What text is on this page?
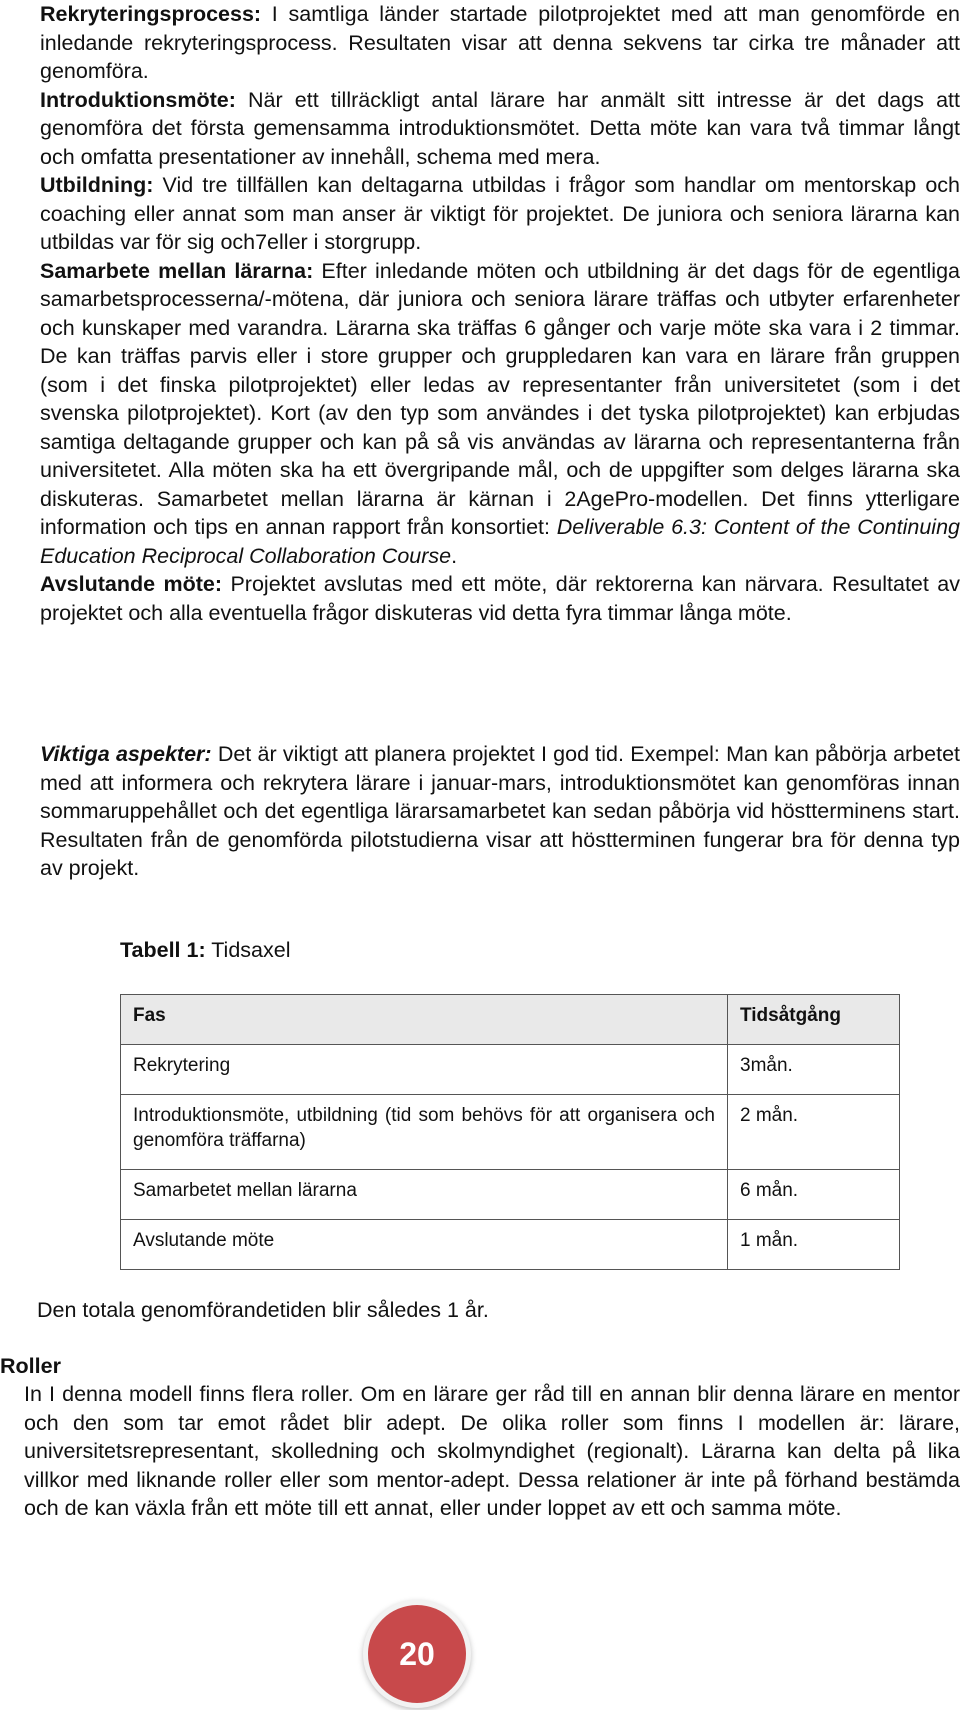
Rekryteringsprocess: I samtliga länder startade pilotprojektet med att man genomförde en inledande rekryteringsprocess. Resultaten visar att denna sekvens tar cirka tre månader att genomföra.
Introduktionsmöte: När ett tillräckligt antal lärare har anmält sitt intresse är det dags att genomföra det första gemensamma introduktionsmötet. Detta möte kan vara två timmar långt och omfatta presentationer av innehåll, schema med mera.
Utbildning: Vid tre tillfällen kan deltagarna utbildas i frågor som handlar om mentorskap och coaching eller annat som man anser är viktigt för projektet. De juniora och seniora lärarna kan utbildas var för sig och7eller i storgrupp.
Samarbete mellan lärarna: Efter inledande möten och utbildning är det dags för de egentliga samarbetsprocesserna/-mötena, där juniora och seniora lärare träffas och utbyter erfarenheter och kunskaper med varandra. Lärarna ska träffas 6 gånger och varje möte ska vara i 2 timmar. De kan träffas parvis eller i store grupper och gruppledaren kan vara en lärare från gruppen (som i det finska pilotprojektet) eller ledas av representanter från universitetet (som i det svenska pilotprojektet). Kort (av den typ som användes i det tyska pilotprojektet) kan erbjudas samtiga deltagande grupper och kan på så vis användas av lärarna och representanterna från universitetet. Alla möten ska ha ett övergripande mål, och de uppgifter som delges lärarna ska diskuteras. Samarbetet mellan lärarna är kärnan i 2AgePro-modellen. Det finns ytterligare information och tips en annan rapport från konsortiet: Deliverable 6.3: Content of the Continuing Education Reciprocal Collaboration Course.
Avslutande möte: Projektet avslutas med ett möte, där rektorerna kan närvara. Resultatet av projektet och alla eventuella frågor diskuteras vid detta fyra timmar långa möte.
Viktiga aspekter: Det är viktigt att planera projektet I god tid. Exempel: Man kan påbörja arbetet med att informera och rekrytera lärare i januar-mars, introduktionsmötet kan genomföras innan sommaruppehållet och det egentliga lärarsamarbetet kan sedan påbörja vid höstterminens start. Resultaten från de genomförda pilotstudierna visar att höstterminen fungerar bra för denna typ av projekt.
Tabell 1: Tidsaxel
Fas	Tidsåtgång
Rekrytering	3mån.
Introduktionsmöte, utbildning (tid som behövs för att organisera och genomföra träffarna)	2 mån.
Samarbetet mellan lärarna	6 mån.
Avslutande möte	1 mån.
Den totala genomförandetiden blir således 1 år.
Roller
In I denna modell finns flera roller. Om en lärare ger råd till en annan blir denna lärare en mentor och den som tar emot rådet blir adept. De olika roller som finns I modellen är: lärare, universitetsrepresentant, skolledning och skolmyndighet (regionalt). Lärarna kan delta på lika villkor med liknande roller eller som mentor-adept. Dessa relationer är inte på förhand bestämda och de kan växla från ett möte till ett annat, eller under loppet av ett och samma möte.
20
